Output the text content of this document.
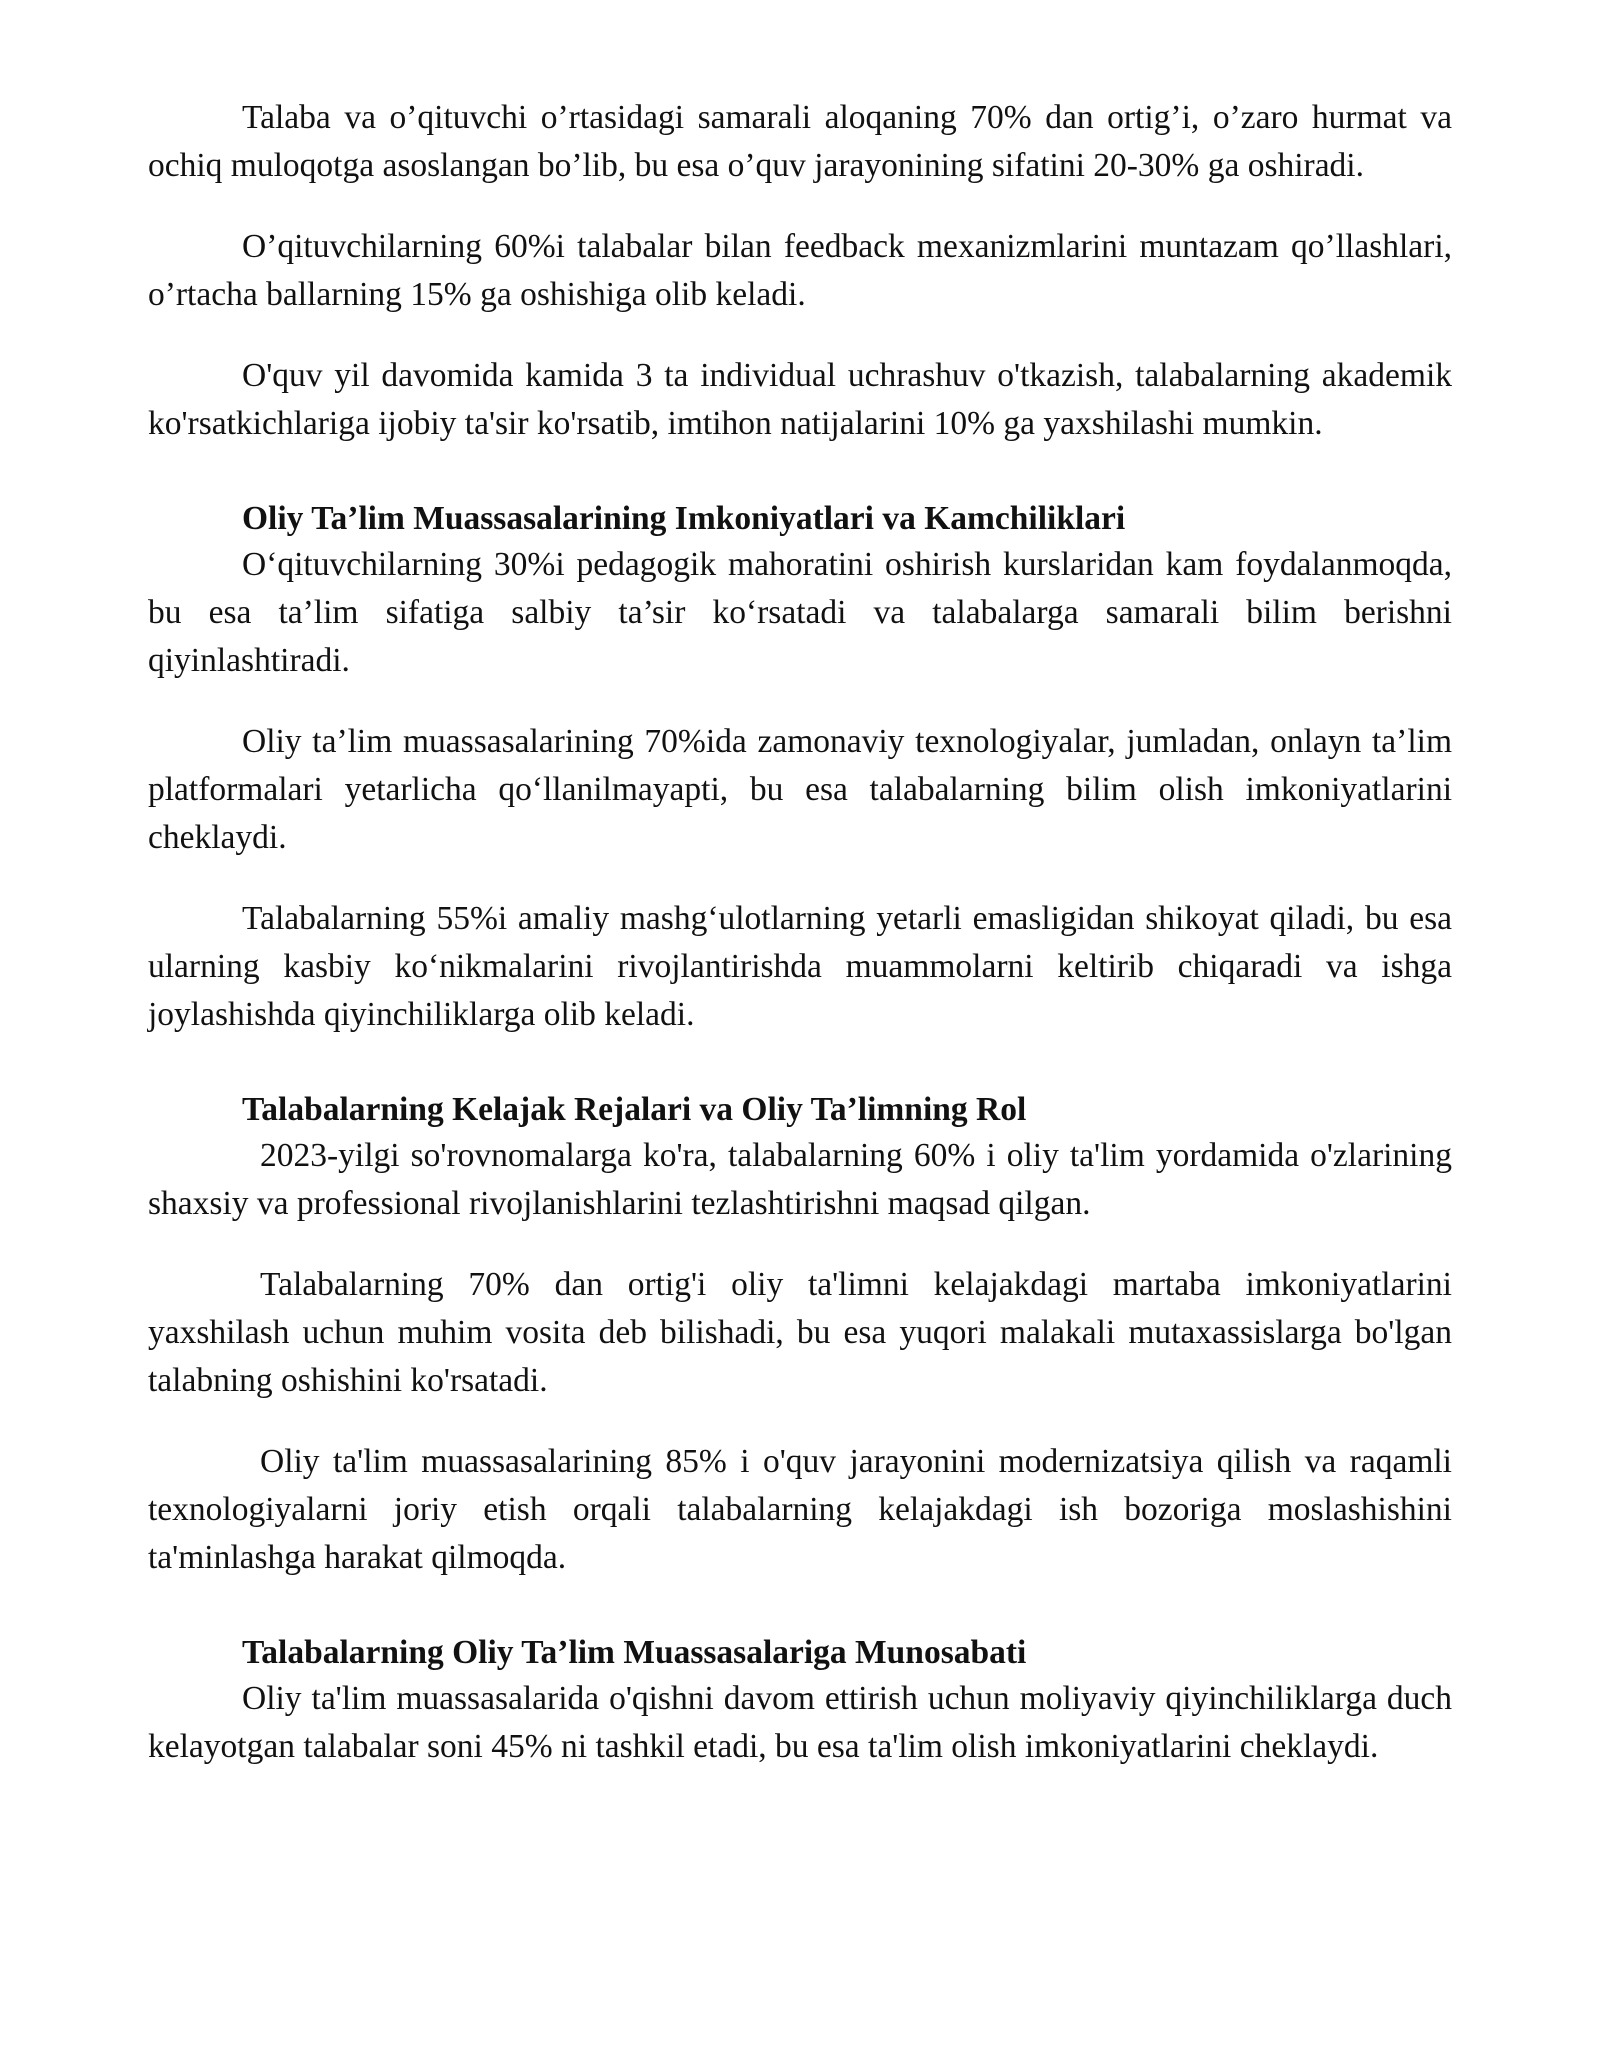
Talaba va o’qituvchi o’rtasidagi samarali aloqaning 70% dan ortig’i, o’zaro hurmat va ochiq muloqotga asoslangan bo’lib, bu esa o’quv jarayonining sifatini 20-30% ga oshiradi.

O’qituvchilarning 60%i talabalar bilan feedback mexanizmlarini muntazam qo’llashlari, o’rtacha ballarning 15% ga oshishiga olib keladi.

O'quv yil davomida kamida 3 ta individual uchrashuv o'tkazish, talabalarning akademik ko'rsatkichlariga ijobiy ta'sir ko'rsatib, imtihon natijalarini 10% ga yaxshilashi mumkin.

Oliy Ta’lim Muassasalarining Imkoniyatlari va Kamchiliklari

O‘qituvchilarning 30%i pedagogik mahoratini oshirish kurslaridan kam foydalanmoqda, bu esa ta’lim sifatiga salbiy ta’sir ko‘rsatadi va talabalarga samarali bilim berishni qiyinlashtiradi.

Oliy ta’lim muassasalarining 70%ida zamonaviy texnologiyalar, jumladan, onlayn ta’lim platformalari yetarlicha qo‘llanilmayapti, bu esa talabalarning bilim olish imkoniyatlarini cheklaydi.

Talabalarning 55%i amaliy mashg‘ulotlarning yetarli emasligidan shikoyat qiladi, bu esa ularning kasbiy ko‘nikmalarini rivojlantirishda muammolarni keltirib chiqaradi va ishga joylashishda qiyinchiliklarga olib keladi.

Talabalarning Kelajak Rejalari va Oliy Ta’limning Rol

2023-yilgi so'rovnomalarga ko'ra, talabalarning 60% i oliy ta'lim yordamida o'zlarining shaxsiy va professional rivojlanishlarini tezlashtirishni maqsad qilgan.

Talabalarning 70% dan ortig'i oliy ta'limni kelajakdagi martaba imkoniyatlarini yaxshilash uchun muhim vosita deb bilishadi, bu esa yuqori malakali mutaxassislarga bo'lgan talabning oshishini ko'rsatadi.

Oliy ta'lim muassasalarining 85% i o'quv jarayonini modernizatsiya qilish va raqamli texnologiyalarni joriy etish orqali talabalarning kelajakdagi ish bozoriga moslashishini ta'minlashga harakat qilmoqda.

Talabalarning Oliy Ta’lim Muassasalariga Munosabati

Oliy ta'lim muassasalarida o'qishni davom ettirish uchun moliyaviy qiyinchiliklarga duch kelayotgan talabalar soni 45% ni tashkil etadi, bu esa ta'lim olish imkoniyatlarini cheklaydi.
